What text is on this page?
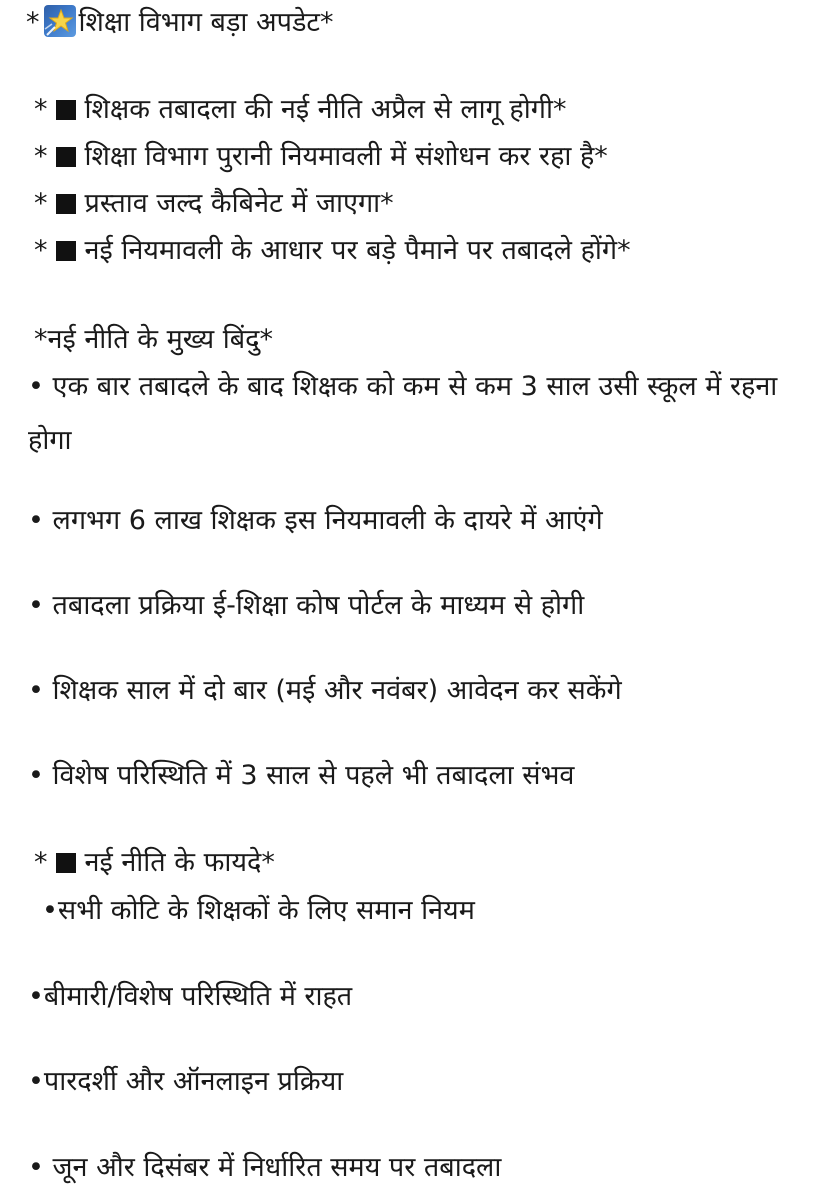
* शिक्षा विभाग बड़ा अपडेट*
* शिक्षक तबादला की नई नीति अप्रैल से लागू होगी*
* शिक्षा विभाग पुरानी नियमावली में संशोधन कर रहा है*
* प्रस्ताव जल्द कैबिनेट में जाएगा*
* नई नियमावली के आधार पर बड़े पैमाने पर तबादले होंगे*
*नई नीति के मुख्य बिंदु*
• एक बार तबादले के बाद शिक्षक को कम से कम 3 साल उसी स्कूल में रहना होगा
• लगभग 6 लाख शिक्षक इस नियमावली के दायरे में आएंगे
• तबादला प्रक्रिया ई-शिक्षा कोष पोर्टल के माध्यम से होगी
• शिक्षक साल में दो बार (मई और नवंबर) आवेदन कर सकेंगे
• विशेष परिस्थिति में 3 साल से पहले भी तबादला संभव
* नई नीति के फायदे*
•सभी कोटि के शिक्षकों के लिए समान नियम
•बीमारी/विशेष परिस्थिति में राहत
•पारदर्शी और ऑनलाइन प्रक्रिया
• जून और दिसंबर में निर्धारित समय पर तबादला
